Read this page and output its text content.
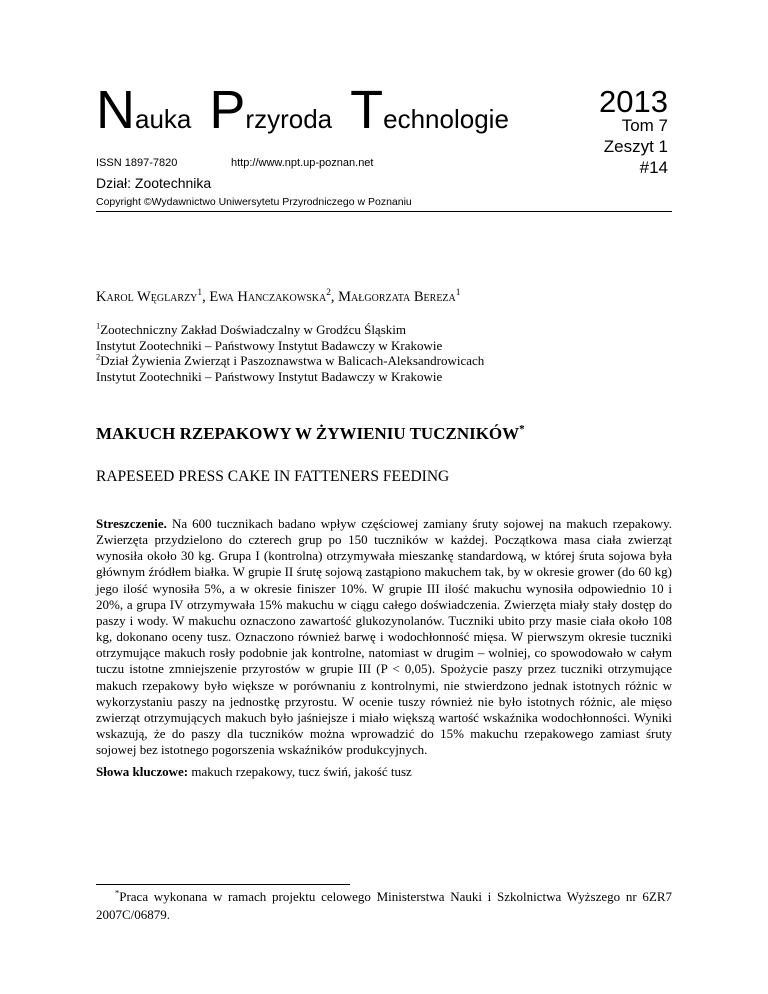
Nauka Przyroda Technologie	2013
Tom 7
Zeszyt 1
#14
ISSN 1897-7820	http://www.npt.up-poznan.net
Dział: Zootechnika
Copyright ©Wydawnictwo Uniwersytetu Przyrodniczego w Poznaniu
Karol Węglarzy$^1$, Ewa Hanczakowska$^2$, Małgorzata Bereza$^1$
$^1$Zootechniczny Zakład Doświadczalny w Grodźcu Śląskim
Instytut Zootechniki – Państwowy Instytut Badawczy w Krakowie
$^2$Dział Żywienia Zwierząt i Paszoznawstwa w Balicach-Aleksandrowicach
Instytut Zootechniki – Państwowy Instytut Badawczy w Krakowie
MAKUCH RZEPAKOWY W ŻYWIENIU TUCZNIKÓW*
RAPESEED PRESS CAKE IN FATTENERS FEEDING
Streszczenie. Na 600 tucznikach badano wpływ częściowej zamiany śruty sojowej na makuch rzepakowy. Zwierzęta przydzielono do czterech grup po 150 tuczników w każdej. Początkowa masa ciała zwierząt wynosiła około 30 kg. Grupa I (kontrolna) otrzymywała mieszankę standardową, w której śruta sojowa była głównym źródłem białka. W grupie II śrutę sojową zastąpiono makuchem tak, by w okresie grower (do 60 kg) jego ilość wynosiła 5%, a w okresie finiszer 10%. W grupie III ilość makuchu wynosiła odpowiednio 10 i 20%, a grupa IV otrzymywała 15% makuchu w ciągu całego doświadczenia. Zwierzęta miały stały dostęp do paszy i wody. W makuchu oznaczono zawartość glukozynolanów. Tuczniki ubito przy masie ciała około 108 kg, dokonano oceny tusz. Oznaczono również barwę i wodochłonność mięsa. W pierwszym okresie tuczniki otrzymujące makuch rosły podobnie jak kontrolne, natomiast w drugim – wolniej, co spowodowało w całym tuczu istotne zmniejszenie przyrostów w grupie III (P < 0,05). Spożycie paszy przez tuczniki otrzymujące makuch rzepakowy było większe w porównaniu z kontrolnymi, nie stwierdzono jednak istotnych różnic w wykorzystaniu paszy na jednostkę przyrostu. W ocenie tuszy również nie było istotnych różnic, ale mięso zwierząt otrzymujących makuch było jaśniejsze i miało większą wartość wskaźnika wodochłonności. Wyniki wskazują, że do paszy dla tuczników można wprowadzić do 15% makuchu rzepakowego zamiast śruty sojowej bez istotnego pogorszenia wskaźników produkcyjnych.
Słowa kluczowe: makuch rzepakowy, tucz świń, jakość tusz
*Praca wykonana w ramach projektu celowego Ministerstwa Nauki i Szkolnictwa Wyższego nr 6ZR7 2007C/06879.
